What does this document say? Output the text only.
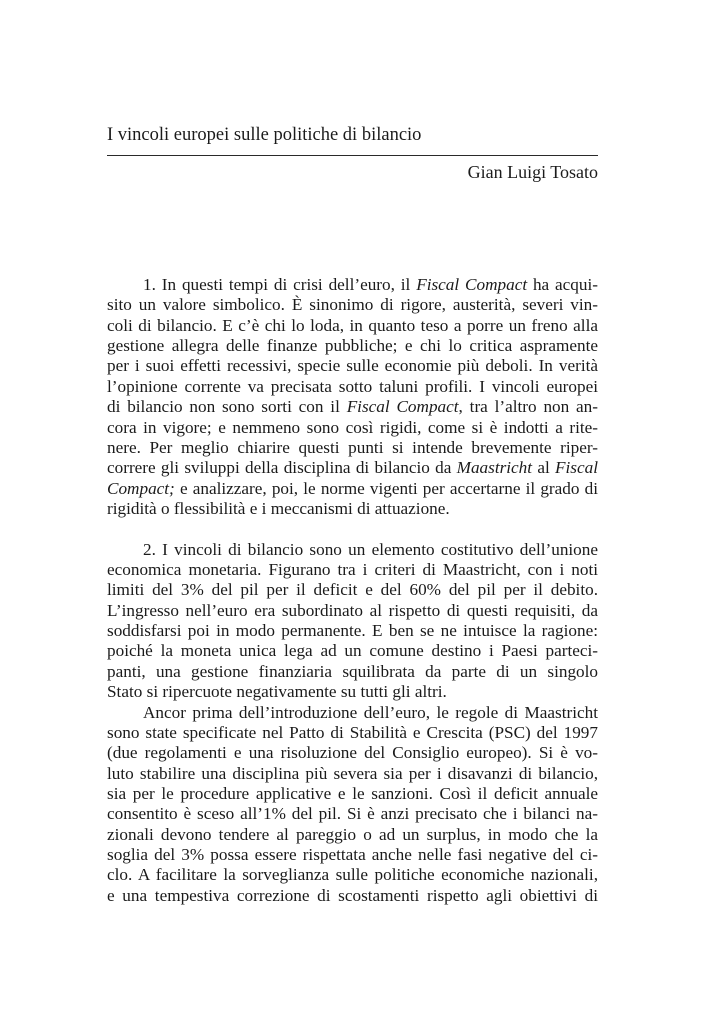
I vincoli europei sulle politiche di bilancio
Gian Luigi Tosato
1. In questi tempi di crisi dell’euro, il Fiscal Compact ha acqui-
sito un valore simbolico. È sinonimo di rigore, austerità, severi vin-
coli di bilancio. E c’è chi lo loda, in quanto teso a porre un freno alla
gestione allegra delle finanze pubbliche; e chi lo critica aspramente
per i suoi effetti recessivi, specie sulle economie più deboli. In verità
l’opinione corrente va precisata sotto taluni profili. I vincoli europei
di bilancio non sono sorti con il Fiscal Compact, tra l’altro non an-
cora in vigore; e nemmeno sono così rigidi, come si è indotti a rite-
nere. Per meglio chiarire questi punti si intende brevemente riper-
correre gli sviluppi della disciplina di bilancio da Maastricht al Fiscal
Compact; e analizzare, poi, le norme vigenti per accertarne il grado di
rigidità o flessibilità e i meccanismi di attuazione.
2. I vincoli di bilancio sono un elemento costitutivo dell’unione
economica monetaria. Figurano tra i criteri di Maastricht, con i noti
limiti del 3% del pil per il deficit e del 60% del pil per il debito.
L’ingresso nell’euro era subordinato al rispetto di questi requisiti, da
soddisfarsi poi in modo permanente. E ben se ne intuisce la ragione:
poiché la moneta unica lega ad un comune destino i Paesi parteci-
panti, una gestione finanziaria squilibrata da parte di un singolo
Stato si ripercuote negativamente su tutti gli altri.
Ancor prima dell’introduzione dell’euro, le regole di Maastricht
sono state specificate nel Patto di Stabilità e Crescita (PSC) del 1997
(due regolamenti e una risoluzione del Consiglio europeo). Si è vo-
luto stabilire una disciplina più severa sia per i disavanzi di bilancio,
sia per le procedure applicative e le sanzioni. Così il deficit annuale
consentito è sceso all’1% del pil. Si è anzi precisato che i bilanci na-
zionali devono tendere al pareggio o ad un surplus, in modo che la
soglia del 3% possa essere rispettata anche nelle fasi negative del ci-
clo. A facilitare la sorveglianza sulle politiche economiche nazionali,
e una tempestiva correzione di scostamenti rispetto agli obiettivi di
